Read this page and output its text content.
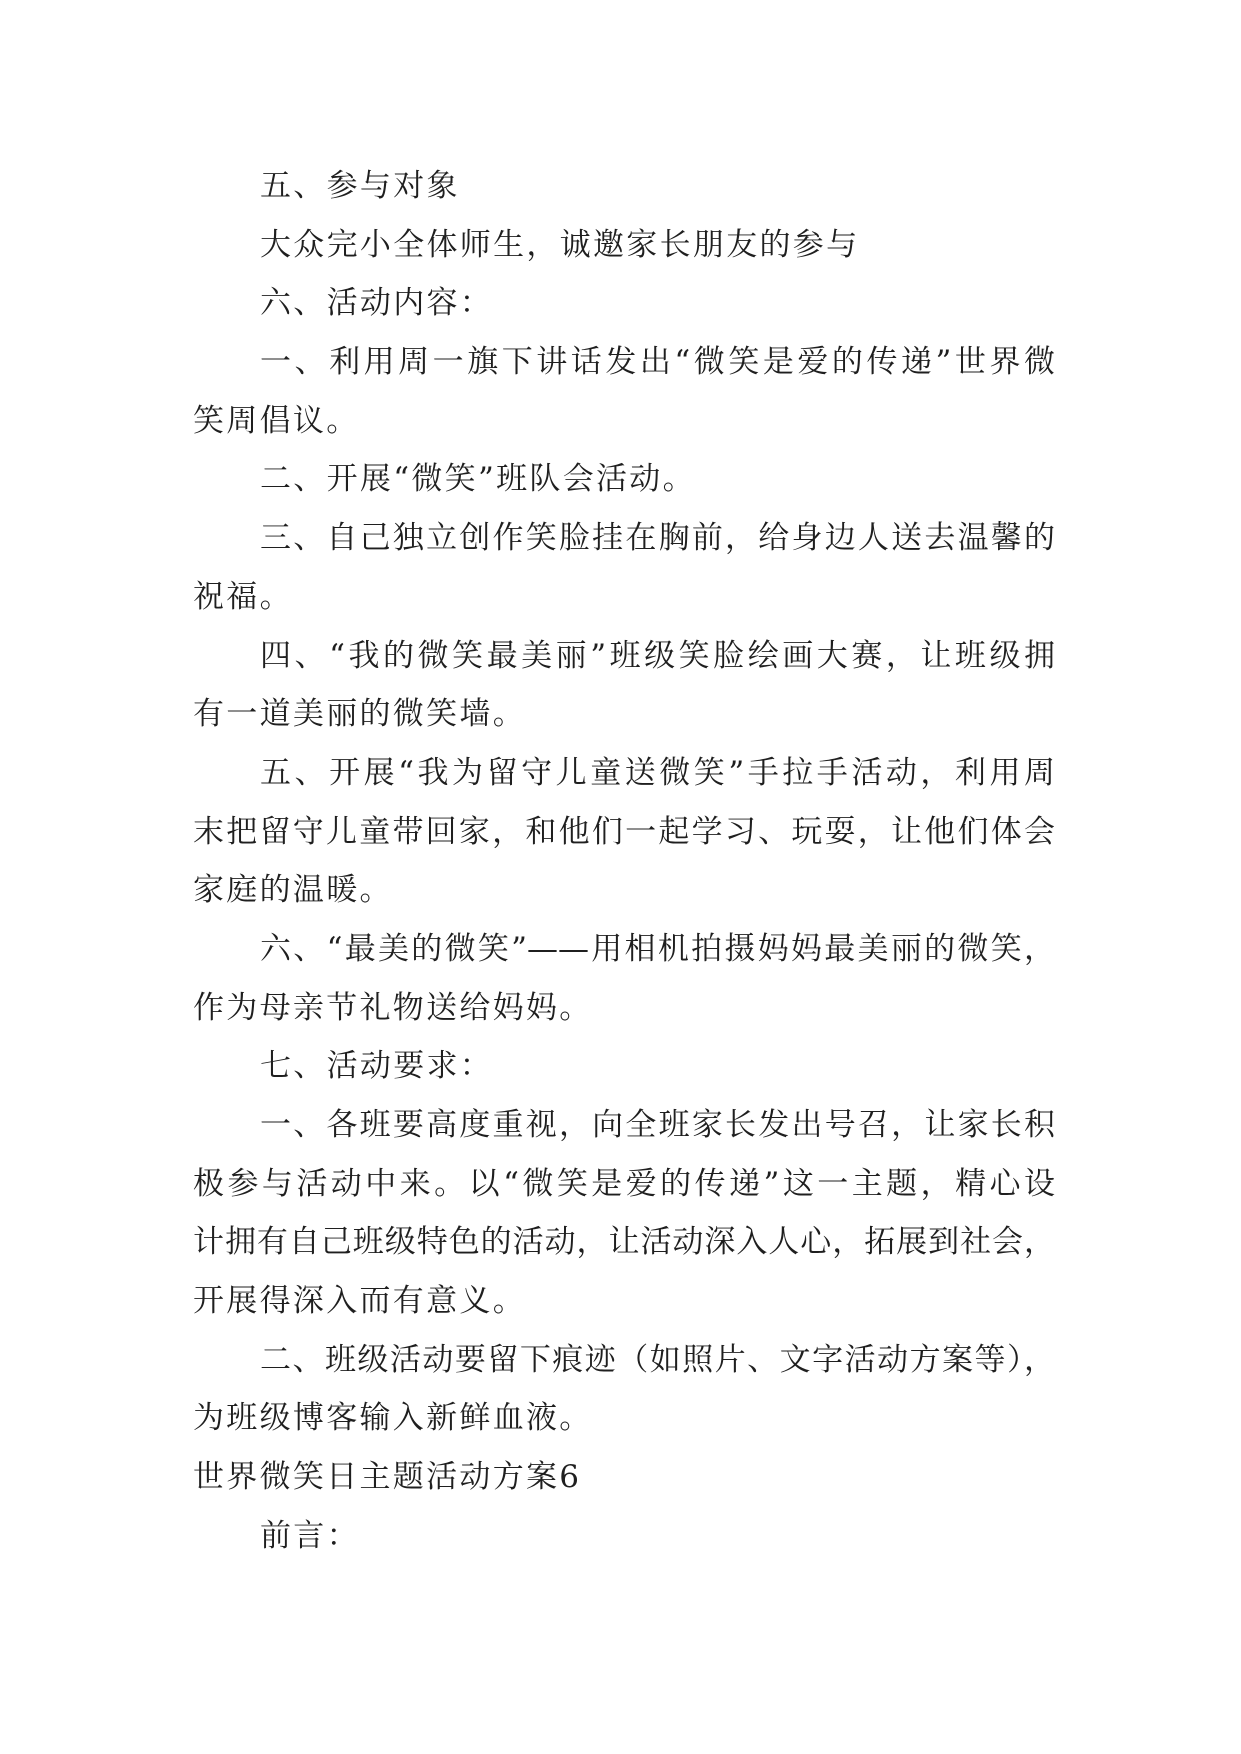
五、参与对象
大众完小全体师生，诚邀家长朋友的参与
六、活动内容：
一、利用周一旗下讲话发出“微笑是爱的传递”世界微
笑周倡议。
二、开展“微笑”班队会活动。
三、自己独立创作笑脸挂在胸前，给身边人送去温馨的
祝福。
四、“我的微笑最美丽”班级笑脸绘画大赛，让班级拥
有一道美丽的微笑墙。
五、开展“我为留守儿童送微笑”手拉手活动，利用周
末把留守儿童带回家，和他们一起学习、玩耍，让他们体会
家庭的温暖。
六、“最美的微笑”——用相机拍摄妈妈最美丽的微笑，
作为母亲节礼物送给妈妈。
七、活动要求：
一、各班要高度重视，向全班家长发出号召，让家长积
极参与活动中来。以“微笑是爱的传递”这一主题，精心设
计拥有自己班级特色的活动，让活动深入人心，拓展到社会，
开展得深入而有意义。
二、班级活动要留下痕迹（如照片、文字活动方案等），
为班级博客输入新鲜血液。
世界微笑日主题活动方案6
前言：
